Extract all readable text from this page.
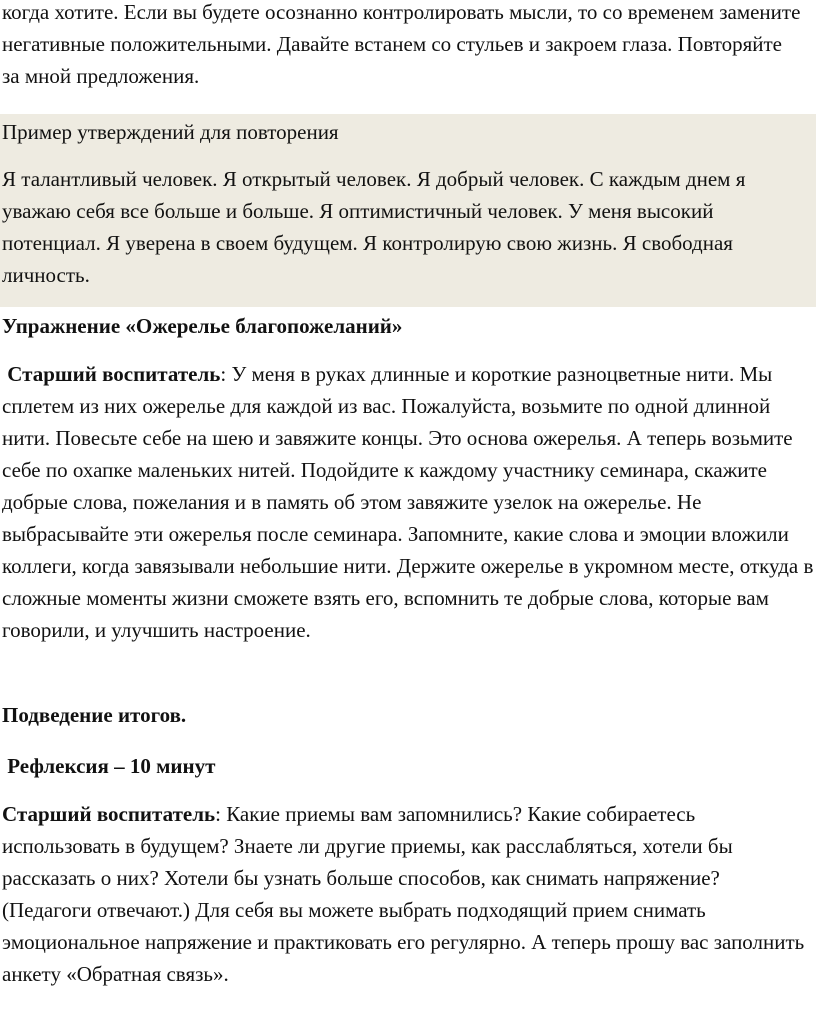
когда хотите. Если вы будете осознанно контролировать мысли, то со временем замените негативные положительными. Давайте встанем со стульев и закроем глаза. Повторяйте за мной предложения.

Пример утверждений для повторения

Я талантливый человек. Я открытый человек. Я добрый человек. С каждым днем я уважаю себя все больше и больше. Я оптимистичный человек. У меня высокий потенциал. Я уверена в своем будущем. Я контролирую свою жизнь. Я свободная личность.

Упражнение «Ожерелье благопожеланий»

Старший воспитатель: У меня в руках длинные и короткие разноцветные нити. Мы сплетем из них ожерелье для каждой из вас. Пожалуйста, возьмите по одной длинной нити. Повесьте себе на шею и завяжите концы. Это основа ожерелья. А теперь возьмите себе по охапке маленьких нитей. Подойдите к каждому участнику семинара, скажите добрые слова, пожелания и в память об этом завяжите узелок на ожерелье. Не выбрасывайте эти ожерелья после семинара. Запомните, какие слова и эмоции вложили коллеги, когда завязывали небольшие нити. Держите ожерелье в укромном месте, откуда в сложные моменты жизни сможете взять его, вспомнить те добрые слова, которые вам говорили, и улучшить настроение.

Подведение итогов.

Рефлексия – 10 минут

Старший воспитатель: Какие приемы вам запомнились? Какие собираетесь использовать в будущем? Знаете ли другие приемы, как расслабляться, хотели бы рассказать о них? Хотели бы узнать больше способов, как снимать напряжение? (Педагоги отвечают.) Для себя вы можете выбрать подходящий прием снимать эмоциональное напряжение и практиковать его регулярно. А теперь прошу вас заполнить анкету «Обратная связь».
